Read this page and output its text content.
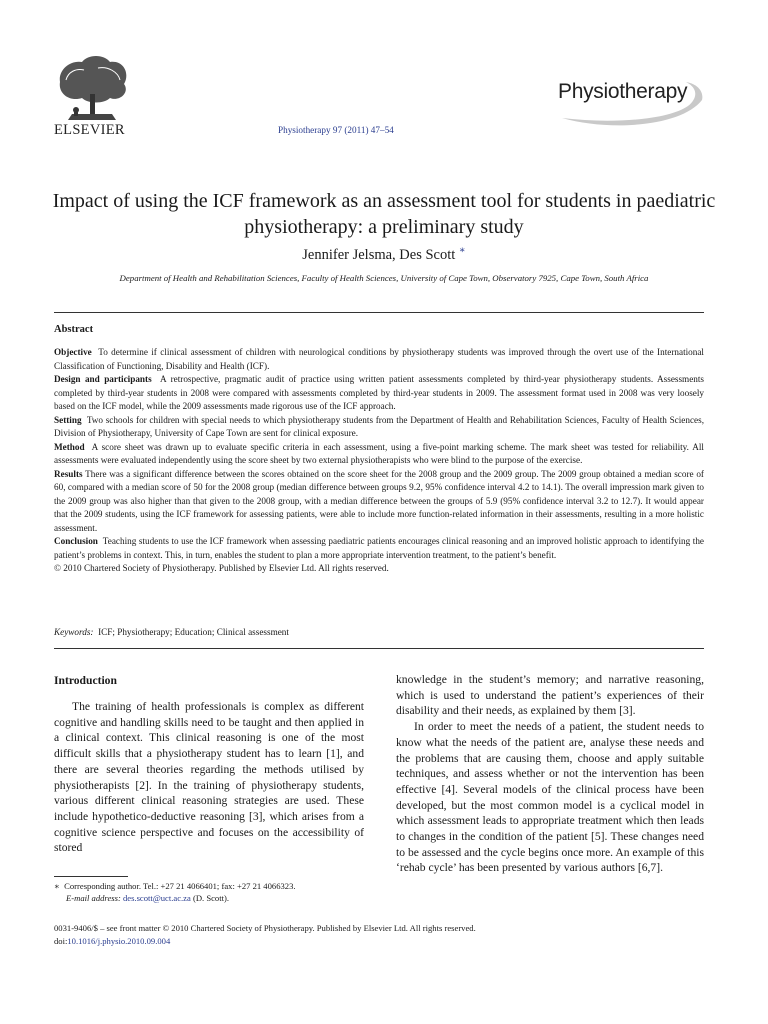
ELSEVIER	Physiotherapy 97 (2011) 47–54
Physiotherapy
Impact of using the ICF framework as an assessment tool for students in paediatric physiotherapy: a preliminary study
Jennifer Jelsma, Des Scott ∗
Department of Health and Rehabilitation Sciences, Faculty of Health Sciences, University of Cape Town, Observatory 7925, Cape Town, South Africa
Abstract

Objective To determine if clinical assessment of children with neurological conditions by physiotherapy students was improved through the overt use of the International Classification of Functioning, Disability and Health (ICF).

Design and participants A retrospective, pragmatic audit of practice using written patient assessments completed by third-year physiotherapy students. Assessments completed by third-year students in 2008 were compared with assessments completed by third-year students in 2009. The assessment format used in 2008 was very loosely based on the ICF model, while the 2009 assessments made rigorous use of the ICF approach.

Setting Two schools for children with special needs to which physiotherapy students from the Department of Health and Rehabilitation Sciences, Faculty of Health Sciences, Division of Physiotherapy, University of Cape Town are sent for clinical exposure.

Method A score sheet was drawn up to evaluate specific criteria in each assessment, using a five-point marking scheme. The mark sheet was tested for reliability. All assessments were evaluated independently using the score sheet by two external physiotherapists who were blind to the purpose of the exercise.

Results There was a significant difference between the scores obtained on the score sheet for the 2008 group and the 2009 group. The 2009 group obtained a median score of 60, compared with a median score of 50 for the 2008 group (median difference between groups 9.2, 95% confidence interval 4.2 to 14.1). The overall impression mark given to the 2009 group was also higher than that given to the 2008 group, with a median difference between the groups of 5.9 (95% confidence interval 3.2 to 12.7). It would appear that the 2009 students, using the ICF framework for assessing patients, were able to include more function-related information in their assessments, resulting in a more holistic assessment.

Conclusion Teaching students to use the ICF framework when assessing paediatric patients encourages clinical reasoning and an improved holistic approach to identifying the patient’s problems in context. This, in turn, enables the student to plan a more appropriate intervention treatment, to the patient’s benefit.

© 2010 Chartered Society of Physiotherapy. Published by Elsevier Ltd. All rights reserved.

Keywords: ICF; Physiotherapy; Education; Clinical assessment
Introduction

The training of health professionals is complex as different cognitive and handling skills need to be taught and then applied in a clinical context. This clinical reasoning is one of the most difficult skills that a physiotherapy student has to learn [1], and there are several theories regarding the methods utilised by physiotherapists [2]. In the training of physiotherapy students, various different clinical reasoning strategies are used. These include hypothetico-deductive reasoning [3], which arises from a cognitive science perspective and focuses on the accessibility of stored

knowledge in the student’s memory; and narrative reasoning, which is used to understand the patient’s experiences of their disability and their needs, as explained by them [3].

In order to meet the needs of a patient, the student needs to know what the needs of the patient are, analyse these needs and the problems that are causing them, choose and apply suitable techniques, and assess whether or not the intervention has been effective [4]. Several models of the clinical process have been developed, but the most common model is a cyclical model in which assessment leads to appropriate treatment which then leads to changes in the condition of the patient [5]. These changes need to be assessed and the cycle begins once more. An example of this ‘rehab cycle’ has been presented by various authors [6,7].

∗ Corresponding author. Tel.: +27 21 4066401; fax: +27 21 4066323.

E-mail address: des.scott@uct.ac.za (D. Scott).

0031-9406/$ – see front matter © 2010 Chartered Society of Physiotherapy. Published by Elsevier Ltd. All rights reserved.

doi:10.1016/j.physio.2010.09.004
